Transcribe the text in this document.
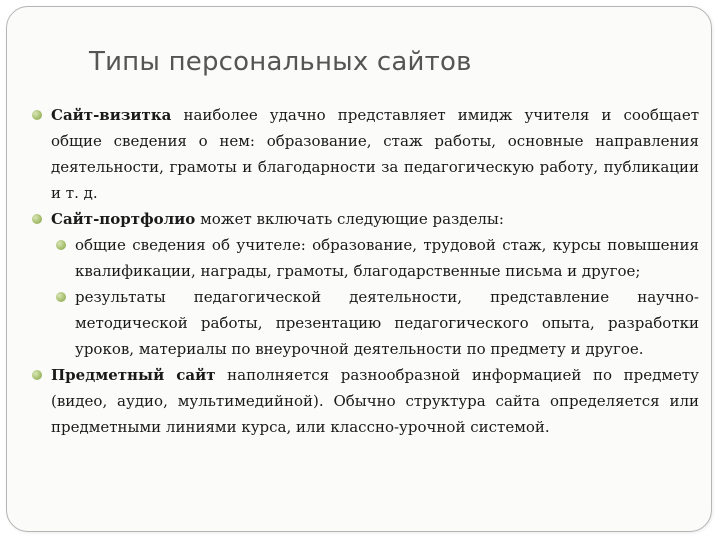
Типы персональных сайтов
Сайт-визитка наиболее удачно представляет имидж учителя и сообщает общие сведения о нем: образование, стаж работы, основные направления деятельности, грамоты и благодарности за педагогическую работу, публикации и т. д.
Сайт-портфолио может включать следующие разделы:
общие сведения об учителе: образование, трудовой стаж, курсы повышения квалификации, награды, грамоты, благодарственные письма и другое;
результаты педагогической деятельности, представление научно-методической работы, презентацию педагогического опыта, разработки уроков, материалы по внеурочной деятельности по предмету и другое.
Предметный сайт наполняется разнообразной информацией по предмету (видео, аудио, мультимедийной). Обычно структура сайта определяется или предметными линиями курса, или классно-урочной системой.
